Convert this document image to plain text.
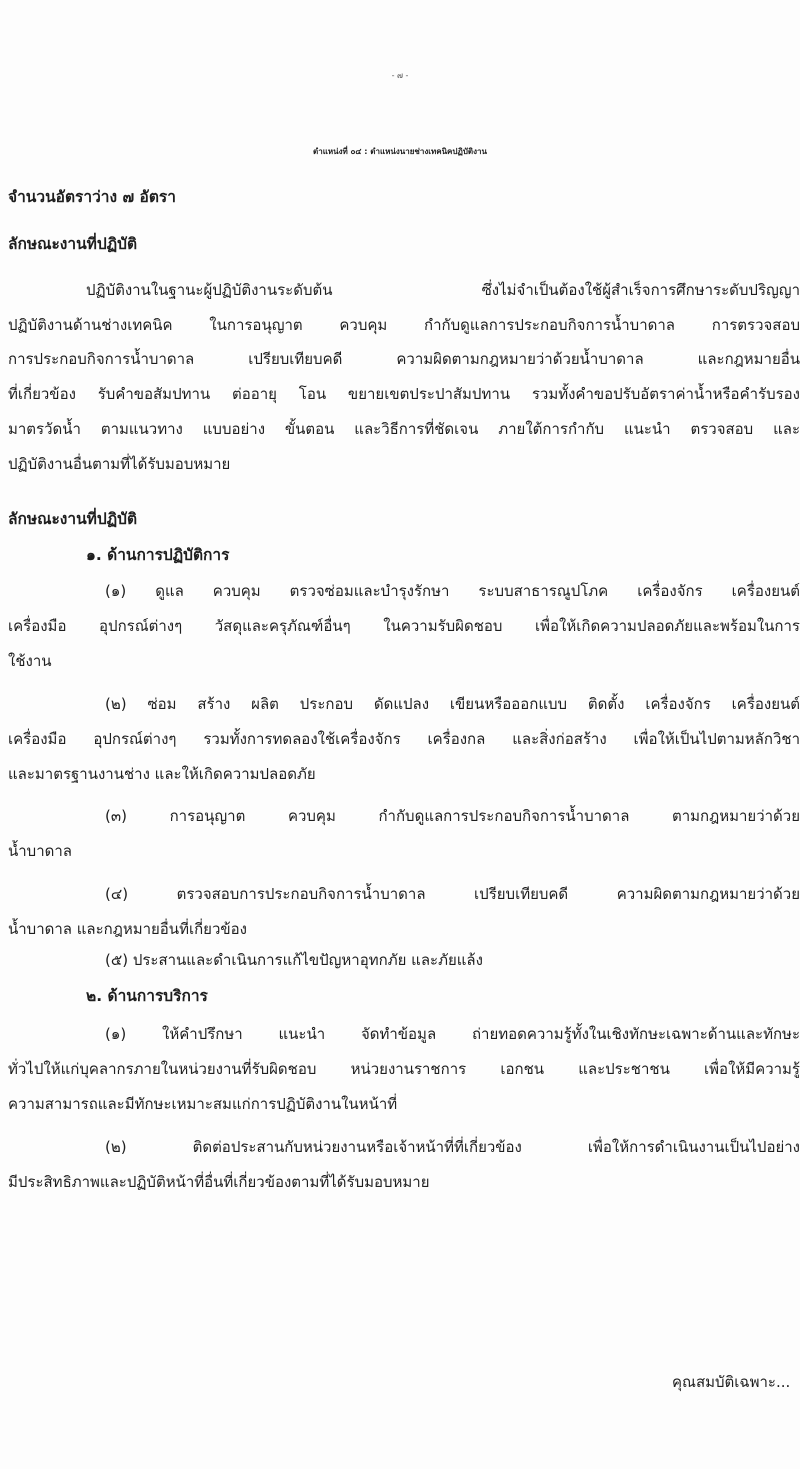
- ๗ -
ตำแหน่งที่ ๐๔ : ตำแหน่งนายช่างเทคนิคปฏิบัติงาน
จำนวนอัตราว่าง ๗ อัตรา
ลักษณะงานที่ปฏิบัติ
ปฏิบัติงานในฐานะผู้ปฏิบัติงานระดับต้น ซึ่งไม่จำเป็นต้องใช้ผู้สำเร็จการศึกษาระดับปริญญา
ปฏิบัติงานด้านช่างเทคนิค ในการอนุญาต ควบคุม กำกับดูแลการประกอบกิจการน้ำบาดาล การตรวจสอบ
การประกอบกิจการน้ำบาดาล เปรียบเทียบคดี ความผิดตามกฎหมายว่าด้วยน้ำบาดาล และกฎหมายอื่น
ที่เกี่ยวข้อง รับคำขอสัมปทาน ต่ออายุ โอน ขยายเขตประปาสัมปทาน รวมทั้งคำขอปรับอัตราค่าน้ำหรือคำรับรอง
มาตรวัดน้ำ ตามแนวทาง แบบอย่าง ขั้นตอน และวิธีการที่ชัดเจน ภายใต้การกำกับ แนะนำ ตรวจสอบ และ
ปฏิบัติงานอื่นตามที่ได้รับมอบหมาย
ลักษณะงานที่ปฏิบัติ
๑. ด้านการปฏิบัติการ
(๑) ดูแล ควบคุม ตรวจซ่อมและบำรุงรักษา ระบบสาธารณูปโภค เครื่องจักร เครื่องยนต์
เครื่องมือ อุปกรณ์ต่างๆ วัสดุและครุภัณฑ์อื่นๆ ในความรับผิดชอบ เพื่อให้เกิดความปลอดภัยและพร้อมในการ
ใช้งาน
(๒) ซ่อม สร้าง ผลิต ประกอบ ดัดแปลง เขียนหรือออกแบบ ติดตั้ง เครื่องจักร เครื่องยนต์
เครื่องมือ อุปกรณ์ต่างๆ รวมทั้งการทดลองใช้เครื่องจักร เครื่องกล และสิ่งก่อสร้าง เพื่อให้เป็นไปตามหลักวิชา
และมาตรฐานงานช่าง และให้เกิดความปลอดภัย
(๓) การอนุญาต ควบคุม กำกับดูแลการประกอบกิจการน้ำบาดาล ตามกฎหมายว่าด้วย
น้ำบาดาล
(๔) ตรวจสอบการประกอบกิจการน้ำบาดาล เปรียบเทียบคดี ความผิดตามกฎหมายว่าด้วย
น้ำบาดาล และกฎหมายอื่นที่เกี่ยวข้อง
(๕) ประสานและดำเนินการแก้ไขปัญหาอุทกภัย และภัยแล้ง
๒. ด้านการบริการ
(๑) ให้คำปรึกษา แนะนำ จัดทำข้อมูล ถ่ายทอดความรู้ทั้งในเชิงทักษะเฉพาะด้านและทักษะ
ทั่วไปให้แก่บุคลากรภายในหน่วยงานที่รับผิดชอบ หน่วยงานราชการ เอกชน และประชาชน เพื่อให้มีความรู้
ความสามารถและมีทักษะเหมาะสมแก่การปฏิบัติงานในหน้าที่
(๒) ติดต่อประสานกับหน่วยงานหรือเจ้าหน้าที่ที่เกี่ยวข้อง เพื่อให้การดำเนินงานเป็นไปอย่าง
มีประสิทธิภาพและปฏิบัติหน้าที่อื่นที่เกี่ยวข้องตามที่ได้รับมอบหมาย
คุณสมบัติเฉพาะ...
